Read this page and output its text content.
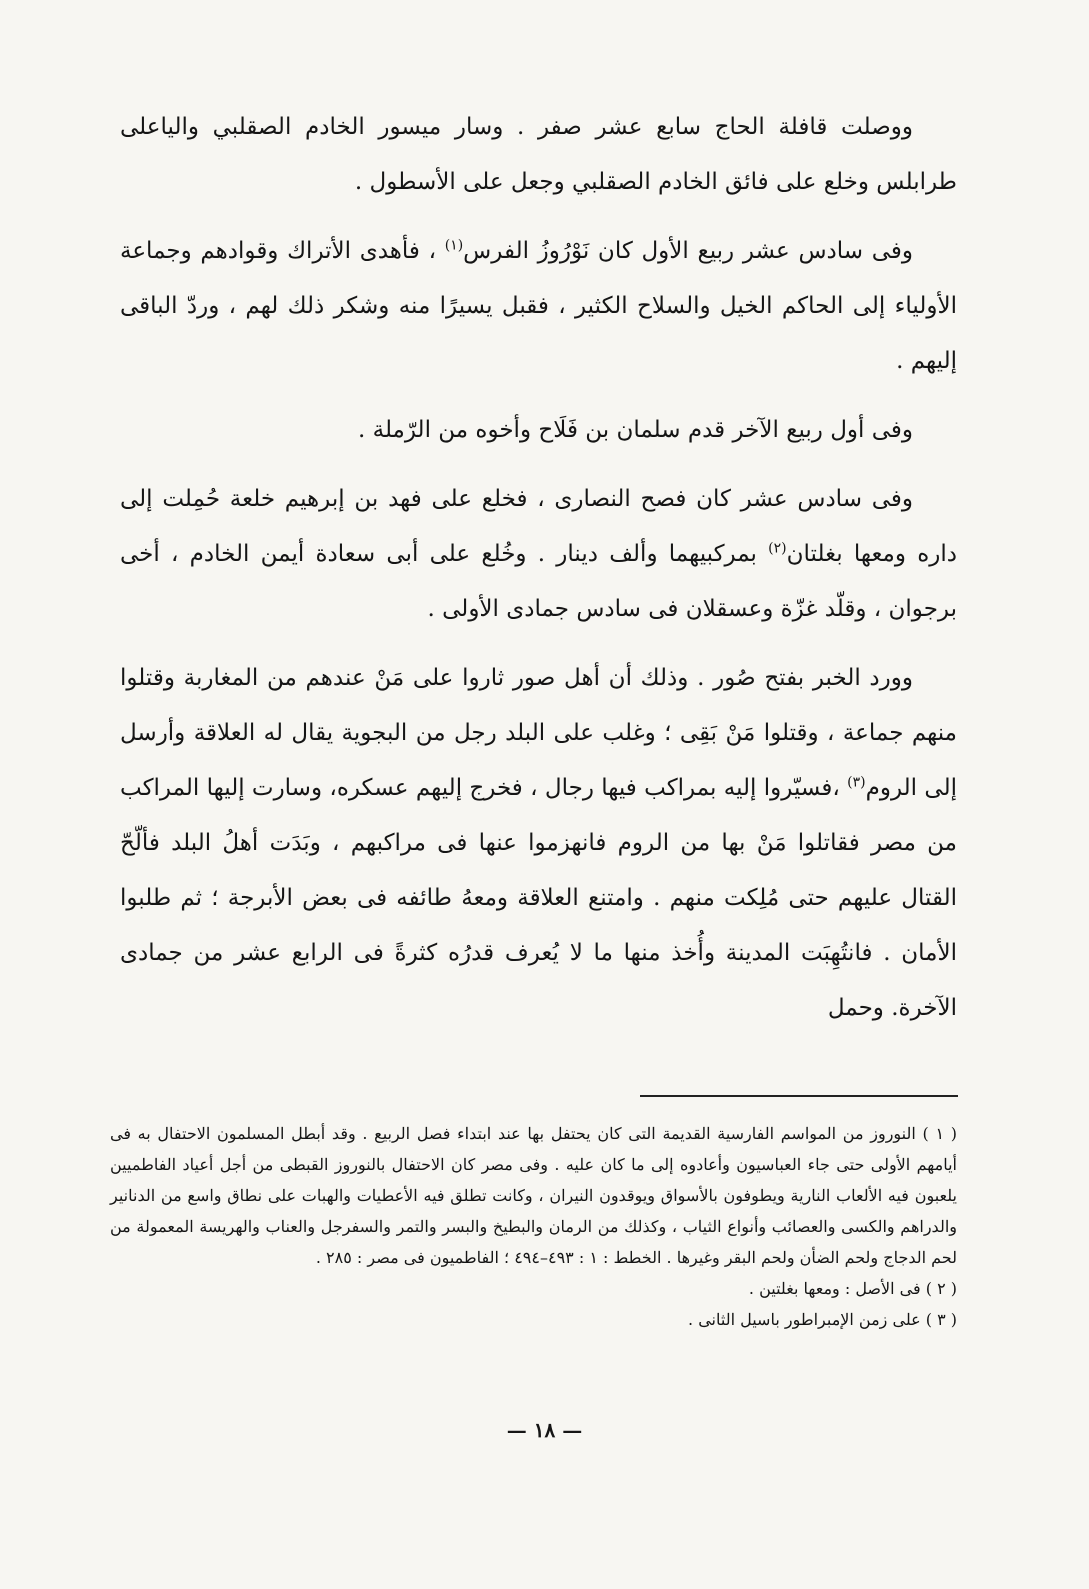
ووصلت قافلة الحاج سابع عشر صفر . وسار ميسور الخادم الصقلبي والياعلى طرابلس وخلع على فائق الخادم الصقلبي وجعل على الأسطول .

وفى سادس عشر ربيع الأول كان نَوْرُوزُ الفرس$^{(١)}$ ، فأهدى الأتراك وقوادهم وجماعة الأولياء إلى الحاكم الخيل والسلاح الكثير ، فقبل يسيرًا منه وشكر ذلك لهم ، وردّ الباقى إليهم .

وفى أول ربيع الآخر قدم سلمان بن فَلَاح وأخوه من الرّملة .

وفى سادس عشر كان فصح النصارى ، فخلع على فهد بن إبرهيم خلعة حُمِلت إلى داره ومعها بغلتان$^{(٢)}$ بمركبيهما وألف دينار . وخُلع على أبى سعادة أيمن الخادم ، أخى برجوان ، وقلّد غزّة وعسقلان فى سادس جمادى الأولى .

وورد الخبر بفتح صُور . وذلك أن أهل صور ثاروا على مَنْ عندهم من المغاربة وقتلوا منهم جماعة ، وقتلوا مَنْ بَقِى ؛ وغلب على البلد رجل من البجوية يقال له العلاقة وأرسل إلى الروم$^{(٣)}$ ،فسيّروا إليه بمراكب فيها رجال ، فخرج إليهم عسكره، وسارت إليها المراكب من مصر فقاتلوا مَنْ بها من الروم فانهزموا عنها فى مراكبهم ، وبَدَت أهلُ البلد فألّحّ القتال عليهم حتى مُلِكت منهم . وامتنع العلاقة ومعهُ طائفه فى بعض الأبرجة ؛ ثم طلبوا الأمان . فانتُهِبَت المدينة وأُخذ منها ما لا يُعرف قدرُه كثرةً فى الرابع عشر من جمادى الآخرة. وحمل

( ١ ) النوروز من المواسم الفارسية القديمة التى كان يحتفل بها عند ابتداء فصل الربيع . وقد أبطل المسلمون الاحتفال به فى أيامهم الأولى حتى جاء العباسيون وأعادوه إلى ما كان عليه . وفى مصر كان الاحتفال بالنوروز القبطى من أجل أعياد الفاطميين يلعبون فيه الألعاب النارية ويطوفون بالأسواق ويوقدون النيران ، وكانت تطلق فيه الأعطيات والهبات على نطاق واسع من الدنانير والدراهم والكسى والعصائب وأنواع الثياب ، وكذلك من الرمان والبطيخ والبسر والتمر والسفرجل والعناب والهريسة المعمولة من لحم الدجاج ولحم الضأن ولحم البقر وغيرها . الخطط : ١ : ٤٩٣–٤٩٤ ؛ الفاطميون فى مصر : ٢٨٥ .

( ٢ ) فى الأصل : ومعها بغلتين .

( ٣ ) على زمن الإمبراطور باسيل الثانى .

— ١٨ —
